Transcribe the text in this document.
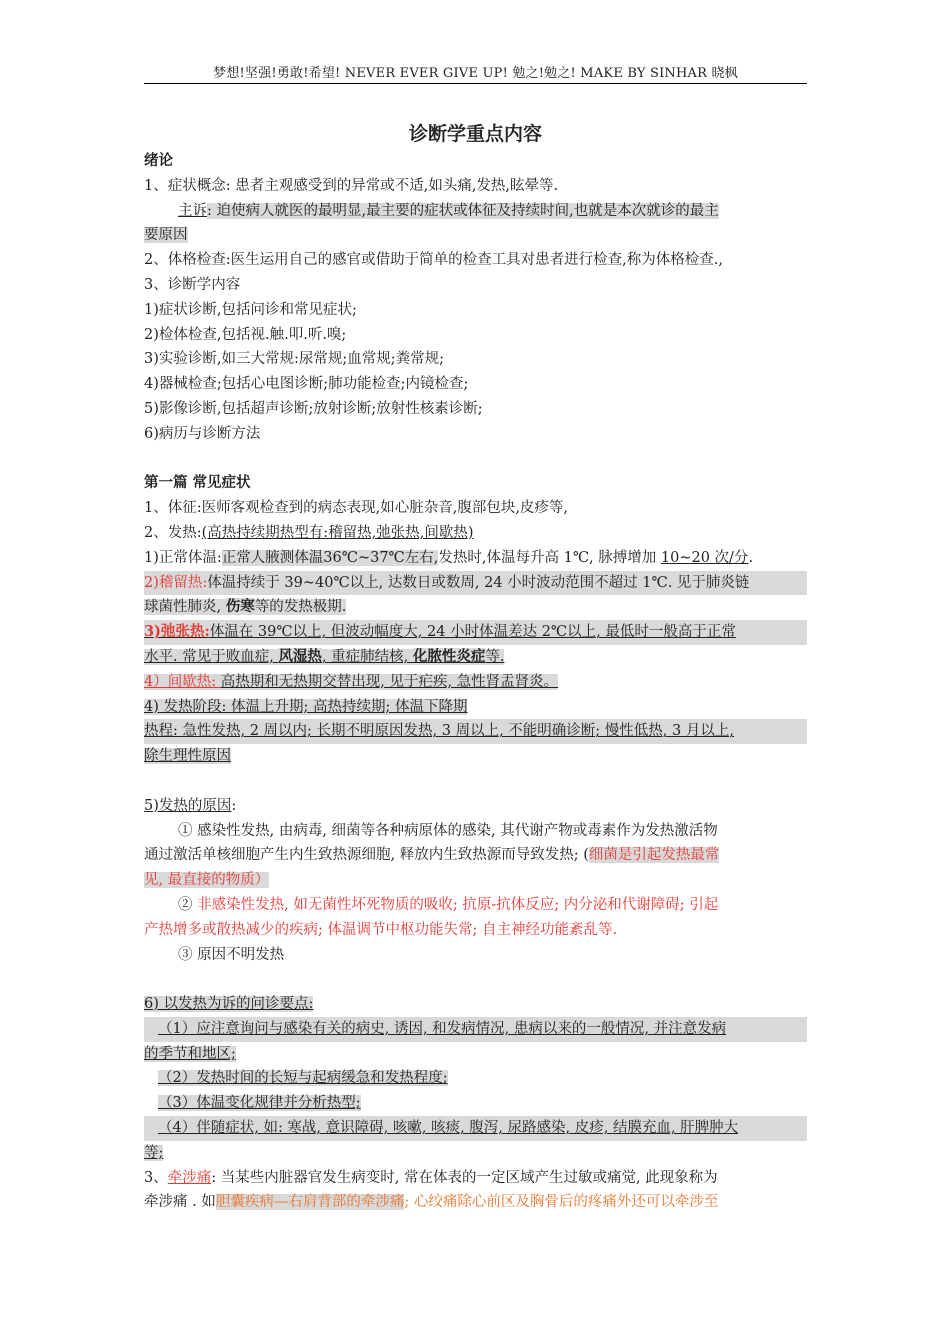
梦想!坚强!勇敢!希望! NEVER EVER GIVE UP! 勉之!勉之! MAKE BY SINHAR 晓枫
诊断学重点内容

绪论

1、症状概念: 患者主观感受到的异常或不适,如头痛,发热,眩晕等.

主诉: 迫使病人就医的最明显,最主要的症状或体征及持续时间,也就是本次就诊的最主

要原因

2、体格检查:医生运用自己的感官或借助于简单的检查工具对患者进行检查,称为体格检查.,

3、诊断学内容

1)症状诊断,包括问诊和常见症状;

2)检体检查,包括视.触.叩.听.嗅;

3)实验诊断,如三大常规:尿常规;血常规;粪常规;

4)器械检查;包括心电图诊断;肺功能检查;内镜检查;

5)影像诊断,包括超声诊断;放射诊断;放射性核素诊断;

6)病历与诊断方法

第一篇 常见症状

1、体征:医师客观检查到的病态表现,如心脏杂音,腹部包块,皮疹等,

2、发热:(高热持续期热型有:稽留热,弛张热,间歇热)

1)正常体温:正常人腋测体温36℃~37℃左右,发热时,体温每升高 1℃, 脉搏增加 10~20 次/分.

2)稽留热:体温持续于 39~40℃以上, 达数日或数周, 24 小时波动范围不超过 1℃. 见于肺炎链

球菌性肺炎, 伤寒等的发热极期.

3)弛张热:体温在 39℃以上, 但波动幅度大, 24 小时体温差达 2℃以上, 最低时一般高于正常

水平. 常见于败血症, 风湿热, 重症肺结核, 化脓性炎症等.

4）间歇热: 高热期和无热期交替出现, 见于疟疾, 急性肾盂肾炎。

4) 发热阶段: 体温上升期; 高热持续期; 体温下降期

热程: 急性发热, 2 周以内; 长期不明原因发热, 3 周以上, 不能明确诊断; 慢性低热, 3 月以上,

除生理性原因

5)发热的原因:

① 感染性发热, 由病毒, 细菌等各种病原体的感染, 其代谢产物或毒素作为发热激活物

通过激活单核细胞产生内生致热源细胞, 释放内生致热源而导致发热; (细菌是引起发热最常

见, 最直接的物质）

② 非感染性发热, 如无菌性坏死物质的吸收; 抗原-抗体反应; 内分泌和代谢障碍; 引起

产热增多或散热减少的疾病; 体温调节中枢功能失常; 自主神经功能紊乱等.

③ 原因不明发热

6) 以发热为诉的问诊要点:

（1）应注意询问与感染有关的病史, 诱因, 和发病情况, 患病以来的一般情况, 并注意发病

的季节和地区;

（2）发热时间的长短与起病缓急和发热程度;

（3）体温变化规律并分析热型;

（4）伴随症状, 如: 寒战, 意识障碍, 咳嗽, 咳痰, 腹泻, 尿路感染, 皮疹, 结膜充血, 肝脾肿大

等;

3、牵涉痛: 当某些内脏器官发生病变时, 常在体表的一定区域产生过敏或痛觉, 此现象称为

牵涉痛 . 如胆囊疾病—右肩背部的牵涉痛; 心绞痛除心前区及胸骨后的疼痛外还可以牵涉至
